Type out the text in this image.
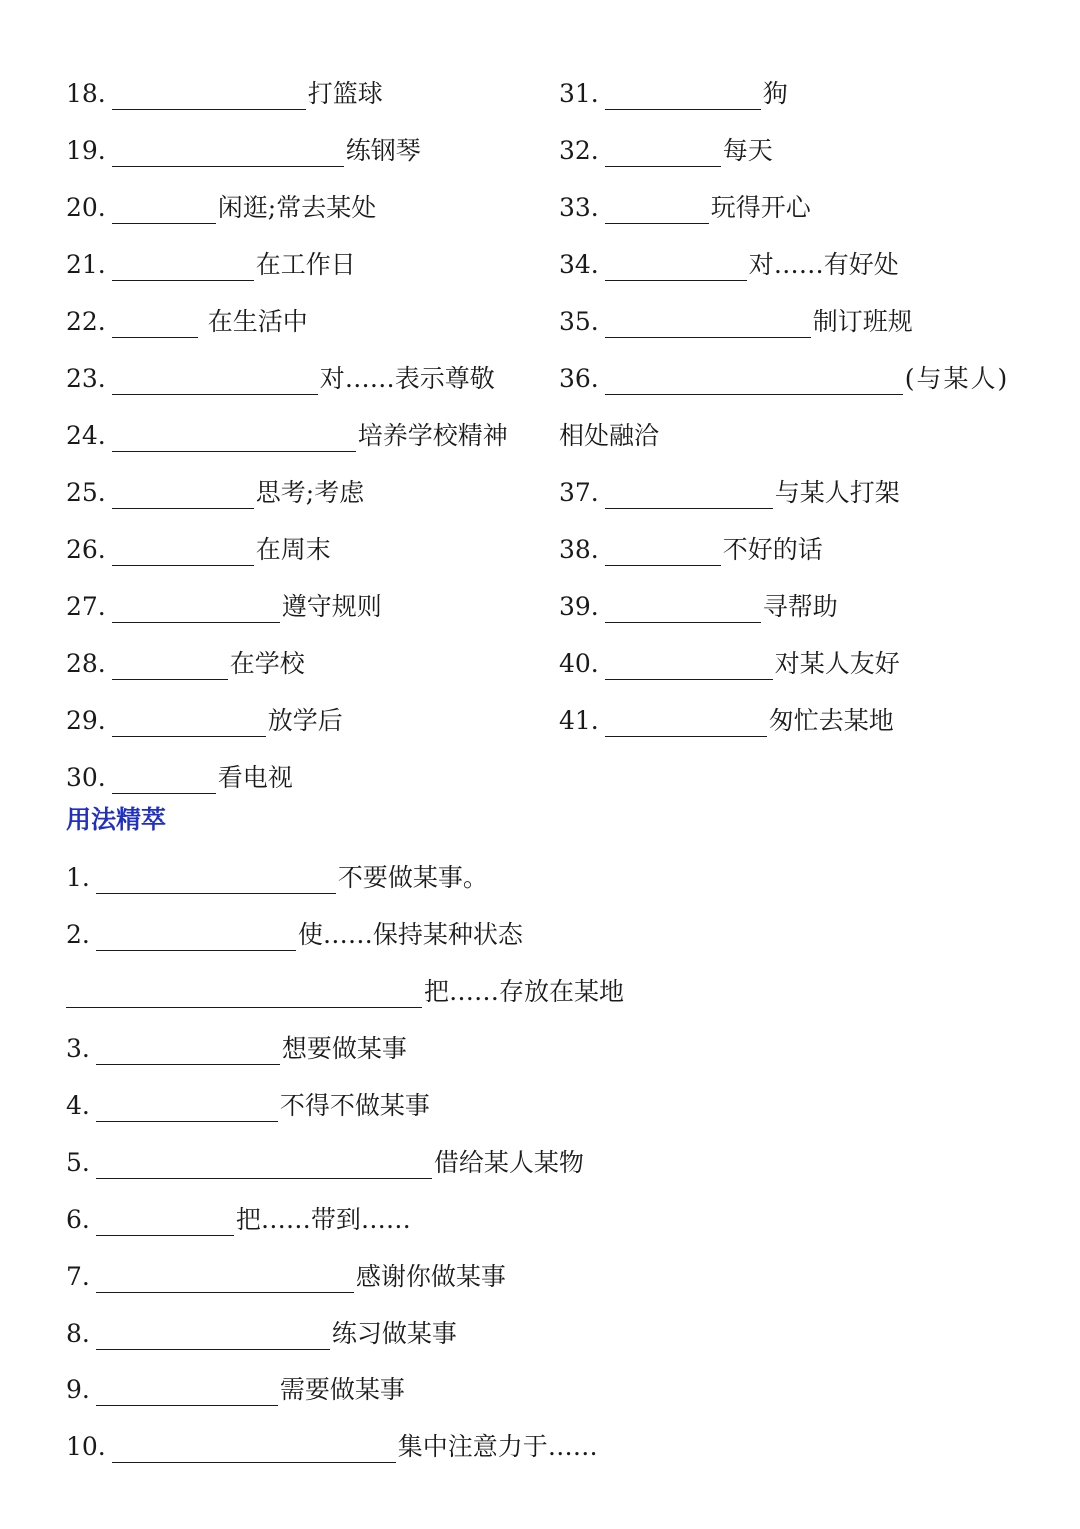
18.	打篮球
19.	练钢琴
20.	闲逛;常去某处
21.	在工作日
22.	在生活中
23.	对……表示尊敬
24.	培养学校精神
25.	思考;考虑
26.	在周末
27.	遵守规则
28.	在学校
29.	放学后
30.	看电视
31.	狗
32.	每天
33.	玩得开心
34.	对……有好处
35.	制订班规
36.	(与某人)
相处融洽
37.	与某人打架
38.	不好的话
39.	寻帮助
40.	对某人友好
41.	匆忙去某地
用法精萃
1.	不要做某事。
2.	使……保持某种状态
把……存放在某地
3.	想要做某事
4.	不得不做某事
5.	借给某人某物
6.	把……带到……
7.	感谢你做某事
8.	练习做某事
9.	需要做某事
10.	集中注意力于……
